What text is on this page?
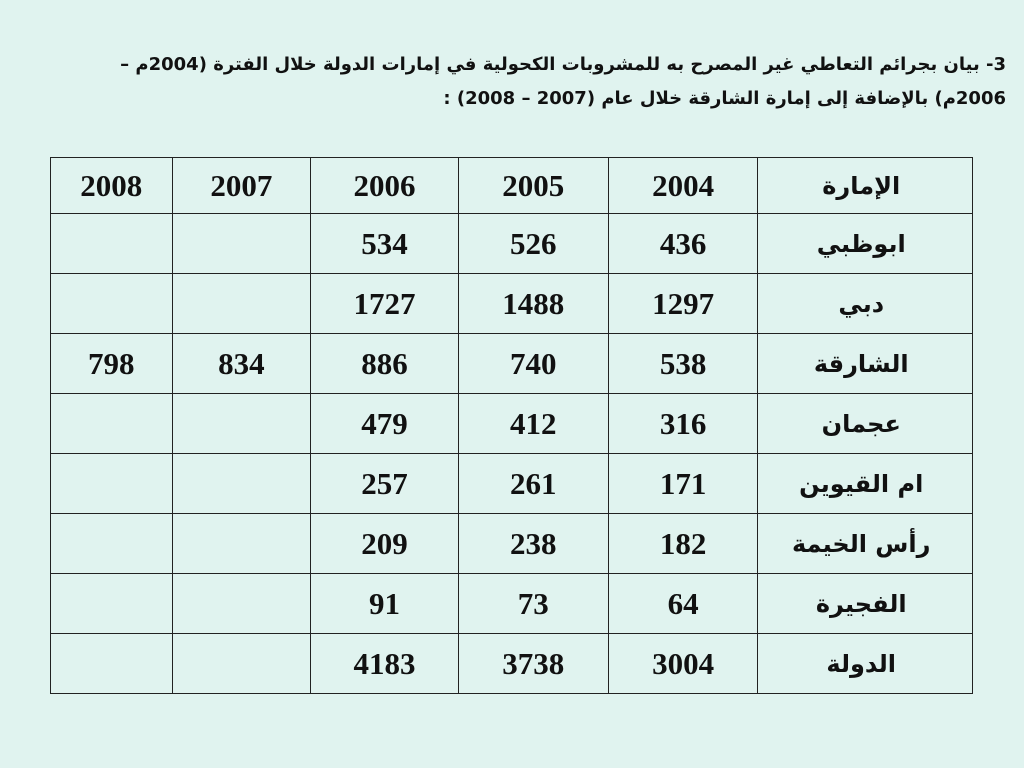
3- بيان بجرائم التعاطي غير المصرح به للمشروبات الكحولية في إمارات الدولة خلال الفترة (2004م – 2006م) بالإضافة إلى إمارة الشارقة خلال عام (2007 – 2008) :
الإمارة	2004	2005	2006	2007	2008
ابوظبي	436	526	534		
دبي	1297	1488	1727		
الشارقة	538	740	886	834	798
عجمان	316	412	479		
ام القيوين	171	261	257		
رأس الخيمة	182	238	209		
الفجيرة	64	73	91		
الدولة	3004	3738	4183		
